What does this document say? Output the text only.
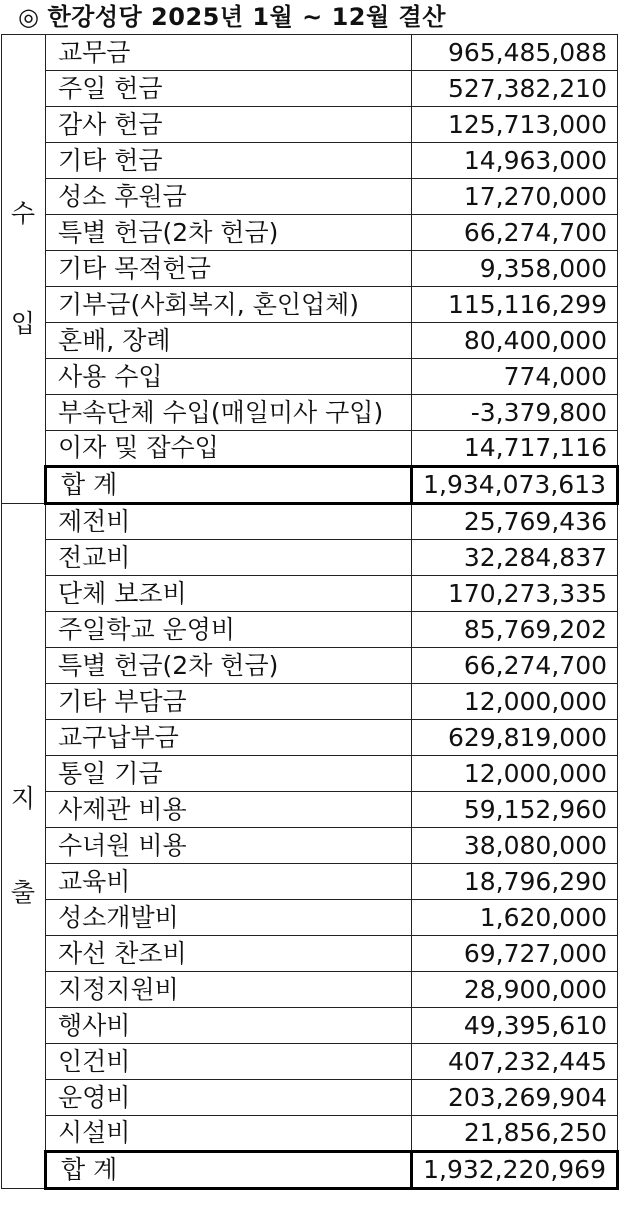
◎ 한강성당 2025년 1월 ~ 12월 결산
수
입	교무금	965,485,088
	주일 헌금	527,382,210
	감사 헌금	125,713,000
	기타 헌금	14,963,000
	성소 후원금	17,270,000
	특별 헌금(2차 헌금)	66,274,700
	기타 목적헌금	9,358,000
	기부금(사회복지, 혼인업체)	115,116,299
	혼배, 장례	80,400,000
	사용 수입	774,000
	부속단체 수입(매일미사 구입)	-3,379,800
	이자 및 잡수입	14,717,116
	합 계	1,934,073,613

지
출	제전비	25,769,436
	전교비	32,284,837
	단체 보조비	170,273,335
	주일학교 운영비	85,769,202
	특별 헌금(2차 헌금)	66,274,700
	기타 부담금	12,000,000
	교구납부금	629,819,000
	통일 기금	12,000,000
	사제관 비용	59,152,960
	수녀원 비용	38,080,000
	교육비	18,796,290
	성소개발비	1,620,000
	자선 찬조비	69,727,000
	지정지원비	28,900,000
	행사비	49,395,610
	인건비	407,232,445
	운영비	203,269,904
	시설비	21,856,250
	합 계	1,932,220,969
